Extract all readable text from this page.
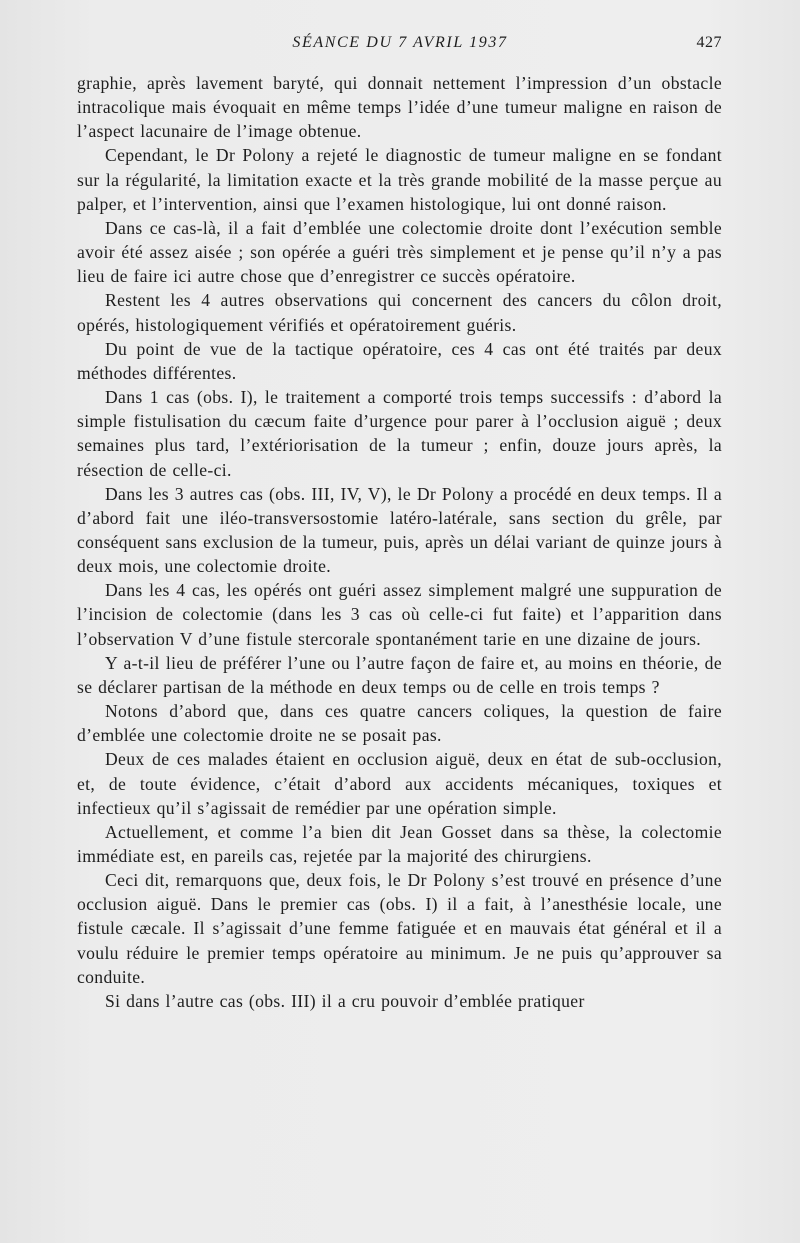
SÉANCE DU 7 AVRIL 1937	427

graphie, après lavement baryté, qui donnait nettement l’impression d’un obstacle intracolique mais évoquait en même temps l’idée d’une tumeur maligne en raison de l’aspect lacunaire de l’image obtenue.

Cependant, le Dr Polony a rejeté le diagnostic de tumeur maligne en se fondant sur la régularité, la limitation exacte et la très grande mobilité de la masse perçue au palper, et l’intervention, ainsi que l’examen histologique, lui ont donné raison.

Dans ce cas-là, il a fait d’emblée une colectomie droite dont l’exécution semble avoir été assez aisée ; son opérée a guéri très simplement et je pense qu’il n’y a pas lieu de faire ici autre chose que d’enregistrer ce succès opératoire.

Restent les 4 autres observations qui concernent des cancers du côlon droit, opérés, histologiquement vérifiés et opératoirement guéris.

Du point de vue de la tactique opératoire, ces 4 cas ont été traités par deux méthodes différentes.

Dans 1 cas (obs. I), le traitement a comporté trois temps successifs : d’abord la simple fistulisation du cæcum faite d’urgence pour parer à l’occlusion aiguë ; deux semaines plus tard, l’extériorisation de la tumeur ; enfin, douze jours après, la résection de celle-ci.

Dans les 3 autres cas (obs. III, IV, V), le Dr Polony a procédé en deux temps. Il a d’abord fait une iléo-transversostomie latéro-latérale, sans section du grêle, par conséquent sans exclusion de la tumeur, puis, après un délai variant de quinze jours à deux mois, une colectomie droite.

Dans les 4 cas, les opérés ont guéri assez simplement malgré une suppuration de l’incision de colectomie (dans les 3 cas où celle-ci fut faite) et l’apparition dans l’observation V d’une fistule stercorale spontanément tarie en une dizaine de jours.

Y a-t-il lieu de préférer l’une ou l’autre façon de faire et, au moins en théorie, de se déclarer partisan de la méthode en deux temps ou de celle en trois temps ?

Notons d’abord que, dans ces quatre cancers coliques, la question de faire d’emblée une colectomie droite ne se posait pas.

Deux de ces malades étaient en occlusion aiguë, deux en état de sub-occlusion, et, de toute évidence, c’était d’abord aux accidents mécaniques, toxiques et infectieux qu’il s’agissait de remédier par une opération simple.

Actuellement, et comme l’a bien dit Jean Gosset dans sa thèse, la colectomie immédiate est, en pareils cas, rejetée par la majorité des chirurgiens.

Ceci dit, remarquons que, deux fois, le Dr Polony s’est trouvé en présence d’une occlusion aiguë. Dans le premier cas (obs. I) il a fait, à l’anesthésie locale, une fistule cæcale. Il s’agissait d’une femme fatiguée et en mauvais état général et il a voulu réduire le premier temps opératoire au minimum. Je ne puis qu’approuver sa conduite.

Si dans l’autre cas (obs. III) il a cru pouvoir d’emblée pratiquer
